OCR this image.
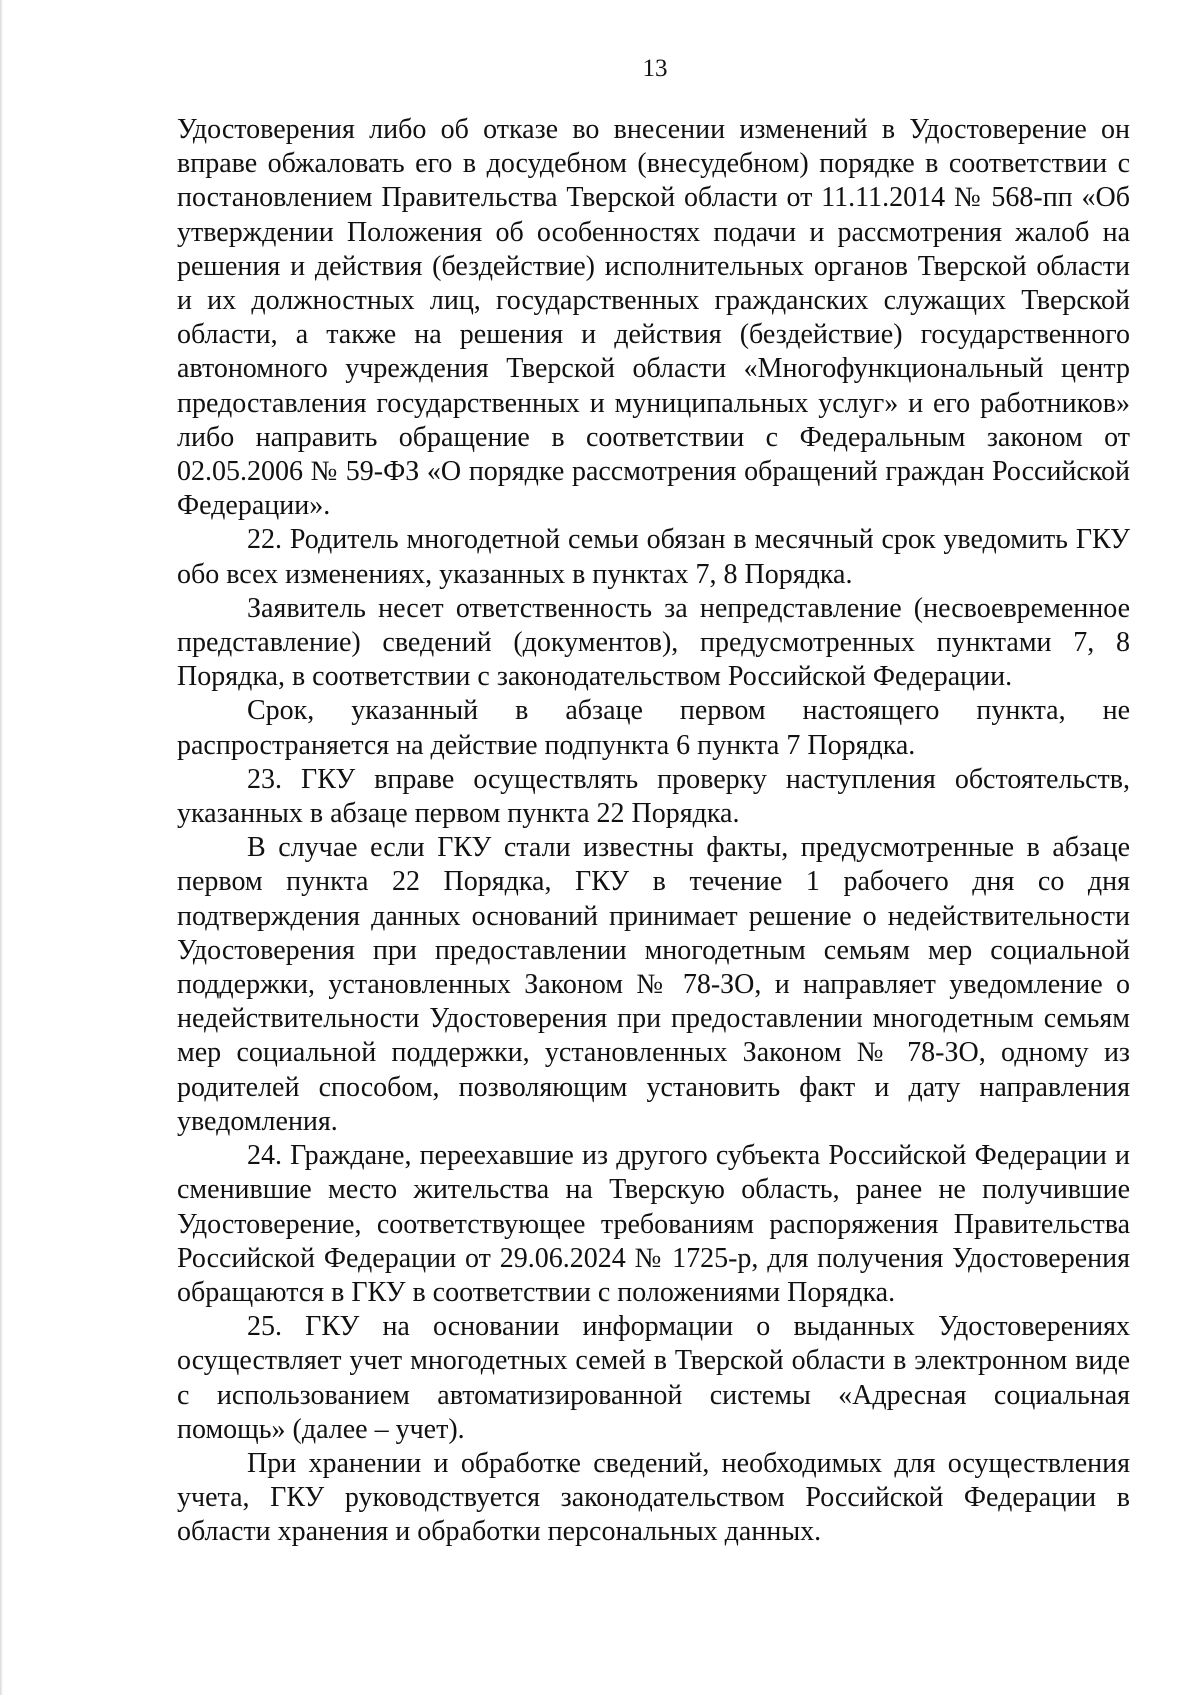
13

Удостоверения либо об отказе во внесении изменений в Удостоверение он вправе обжаловать его в досудебном (внесудебном) порядке в соответствии с постановлением Правительства Тверской области от 11.11.2014 № 568-пп «Об утверждении Положения об особенностях подачи и рассмотрения жалоб на решения и действия (бездействие) исполнительных органов Тверской области и их должностных лиц, государственных гражданских служащих Тверской области, а также на решения и действия (бездействие) государственного автономного учреждения Тверской области «Многофункциональный центр предоставления государственных и муниципальных услуг» и его работников» либо направить обращение в соответствии с Федеральным законом от 02.05.2006 № 59-ФЗ «О порядке рассмотрения обращений граждан Российской Федерации».

22. Родитель многодетной семьи обязан в месячный срок уведомить ГКУ обо всех изменениях, указанных в пунктах 7, 8 Порядка.

Заявитель несет ответственность за непредставление (несвоевременное представление) сведений (документов), предусмотренных пунктами 7, 8 Порядка, в соответствии с законодательством Российской Федерации.

Срок, указанный в абзаце первом настоящего пункта, не распространяется на действие подпункта 6 пункта 7 Порядка.

23. ГКУ вправе осуществлять проверку наступления обстоятельств, указанных в абзаце первом пункта 22 Порядка.

В случае если ГКУ стали известны факты, предусмотренные в абзаце первом пункта 22 Порядка, ГКУ в течение 1 рабочего дня со дня подтверждения данных оснований принимает решение о недействительности Удостоверения при предоставлении многодетным семьям мер социальной поддержки, установленных Законом № 78-ЗО, и направляет уведомление о недействительности Удостоверения при предоставлении многодетным семьям мер социальной поддержки, установленных Законом № 78-ЗО, одному из родителей способом, позволяющим установить факт и дату направления уведомления.

24. Граждане, переехавшие из другого субъекта Российской Федерации и сменившие место жительства на Тверскую область, ранее не получившие Удостоверение, соответствующее требованиям распоряжения Правительства Российской Федерации от 29.06.2024 № 1725-р, для получения Удостоверения обращаются в ГКУ в соответствии с положениями Порядка.

25. ГКУ на основании информации о выданных Удостоверениях осуществляет учет многодетных семей в Тверской области в электронном виде с использованием автоматизированной системы «Адресная социальная помощь» (далее – учет).

При хранении и обработке сведений, необходимых для осуществления учета, ГКУ руководствуется законодательством Российской Федерации в области хранения и обработки персональных данных.
